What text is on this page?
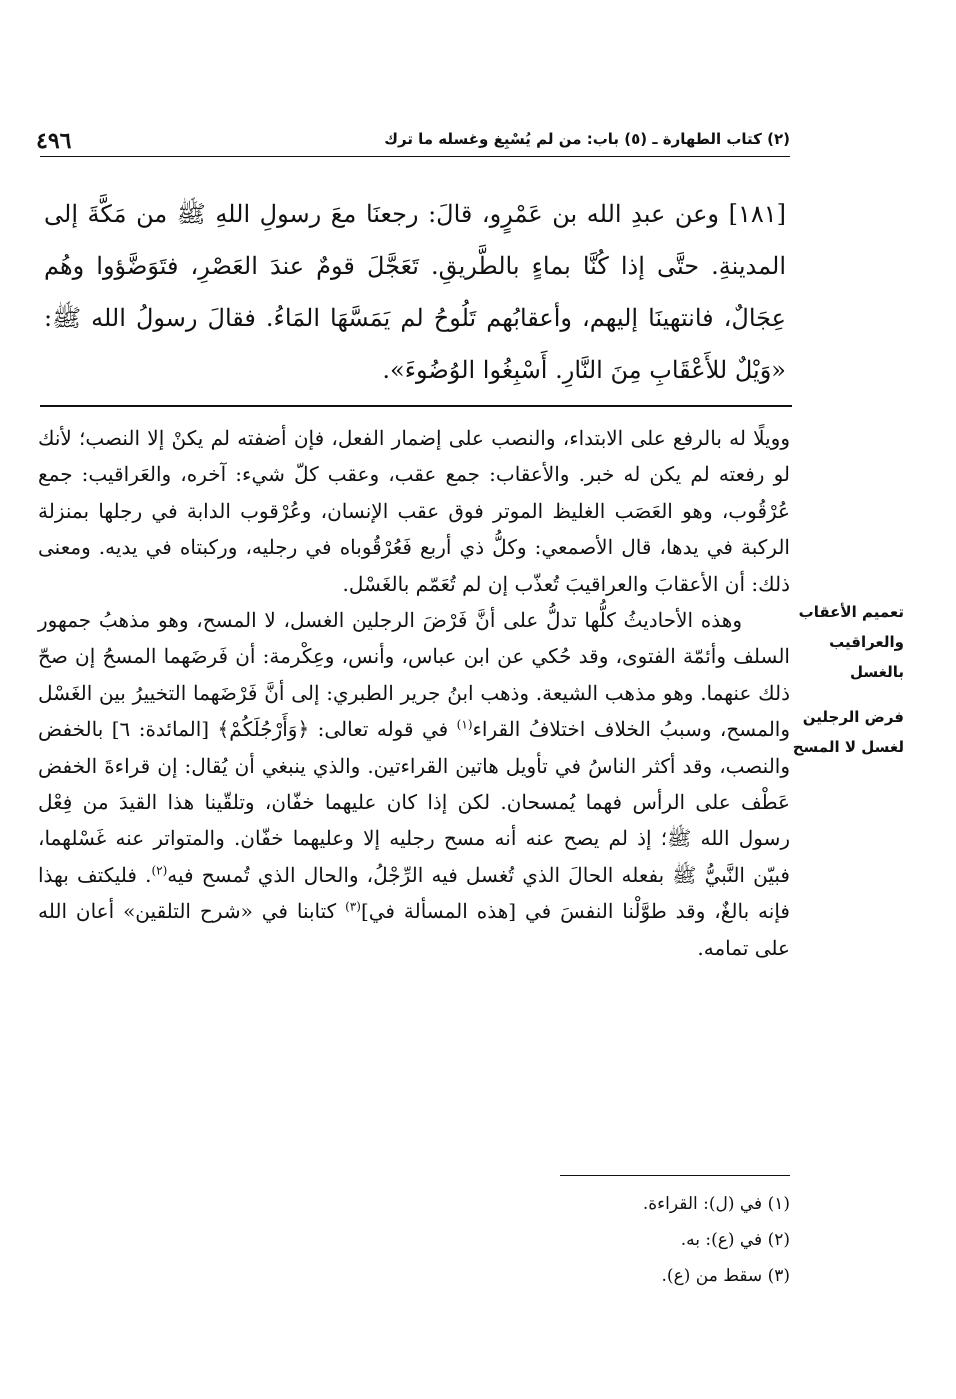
٤٩٦	(٢) كتاب الطهارة ـ (٥) باب: من لم يُسْبِغ وغسله ما ترك
[١٨١] وعن عبدِ الله بن عَمْرٍو، قالَ: رجعنَا معَ رسولِ اللهِ ﷺ من مَكَّةَ إلى المدينةِ. حتَّى إذا كُنَّا بماءٍ بالطَّريقِ. تَعَجَّلَ قومٌ عندَ العَصْرِ، فتَوَضَّؤوا وهُم عِجَالٌ، فانتهينَا إليهم، وأعقابُهم تَلُوحُ لم يَمَسَّهَا المَاءُ. فقالَ رسولُ الله ﷺ: «وَيْلٌ للأَعْقَابِ مِنَ النَّارِ. أَسْبِغُوا الوُضُوءَ».

وويلًا له بالرفع على الابتداء، والنصب على إضمار الفعل، فإن أضفته لم يكنْ إلا النصب؛ لأنك لو رفعته لم يكن له خبر. والأعقاب: جمع عقب، وعقب كلّ شيء: آخره، والعَراقيب: جمع عُرْقُوب، وهو العَصَب الغليظ الموتر فوق عقب الإنسان، وعُرْقوب الدابة في رجلها بمنزلة الركبة في يدها، قال الأصمعي: وكلُّ ذي أربع فَعُرْقُوباه في رجليه، وركبتاه في يديه. ومعنى ذلك: أن الأعقابَ والعراقيبَ تُعذّب إن لم تُعَمّم بالغَسْل.

وهذه الأحاديثُ كلُّها تدلُّ على أنَّ فَرْضَ الرجلين الغسل، لا المسح، وهو مذهبُ جمهور السلف وأئمّة الفتوى، وقد حُكي عن ابن عباس، وأنس، وعِكْرمة: أن فَرضَهما المسحُ إن صحّ ذلك عنهما. وهو مذهب الشيعة. وذهب ابنُ جرير الطبري: إلى أنَّ فَرْضَهما التخييرُ بين الغَسْل والمسح، وسببُ الخلاف اختلافُ القراء$^{(١)}$ في قوله تعالى: ﴿وَأَرْجُلَكُمْ﴾ [المائدة: ٦] بالخفض والنصب، وقد أكثر الناسُ في تأويل هاتين القراءتين. والذي ينبغي أن يُقال: إن قراءةَ الخفض عَطْف على الرأس فهما يُمسحان. لكن إذا كان عليهما خفّان، وتلقّينا هذا القيدَ من فِعْل رسول الله ﷺ؛ إذ لم يصح عنه أنه مسح رجليه إلا وعليهما خفّان. والمتواتر عنه غَسْلهما، فبيّن النَّبيُّ ﷺ بفعله الحالَ الذي تُغسل فيه الرِّجْلُ، والحال الذي تُمسح فيه$^{(٢)}$. فليكتف بهذا فإنه بالغٌ، وقد طوَّلْنا النفسَ في [هذه المسألة في]$^{(٣)}$ كتابنا في «شرح التلقين» أعان الله على تمامه.

تعميم الأعقاب والعراقيب بالغسل
فرض الرجلين لغسل لا المسح
(١) في (ل): القراءة.
(٢) في (ع): به.
(٣) سقط من (ع).
